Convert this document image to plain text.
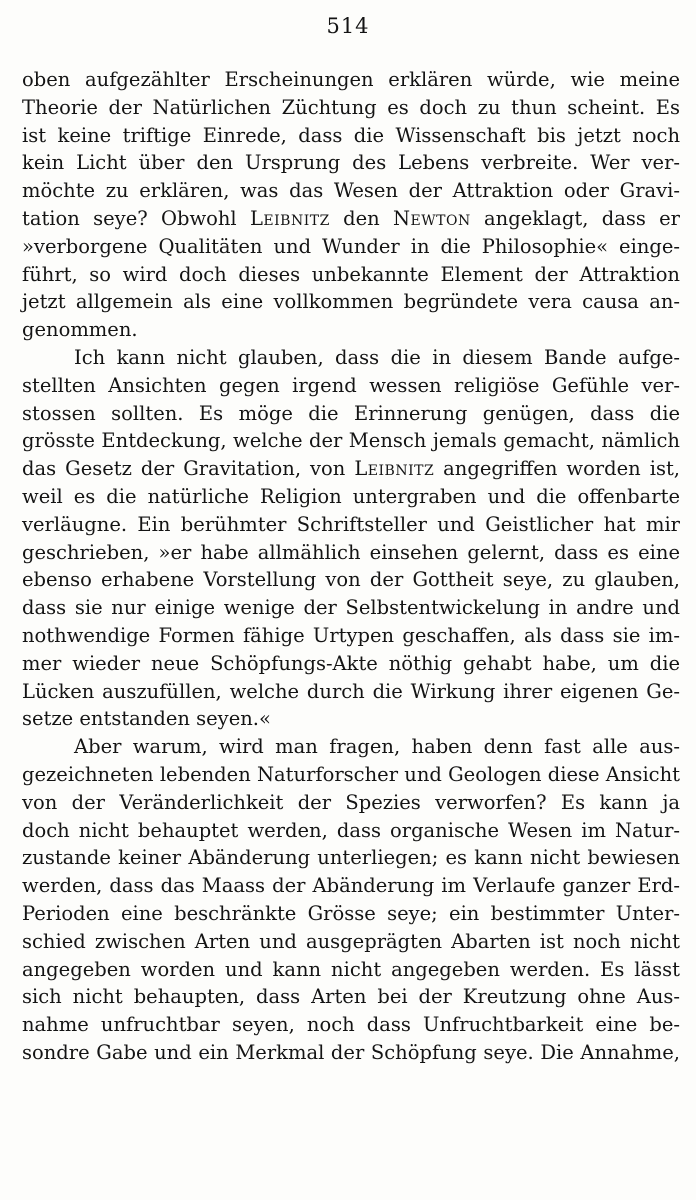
514
oben aufgezählter Erscheinungen erklären würde, wie meine
Theorie der Natürlichen Züchtung es doch zu thun scheint. Es
ist keine triftige Einrede, dass die Wissenschaft bis jetzt noch
kein Licht über den Ursprung des Lebens verbreite. Wer ver-
möchte zu erklären, was das Wesen der Attraktion oder Gravi-
tation seye? Obwohl Leibnitz den Newton angeklagt, dass er
»verborgene Qualitäten und Wunder in die Philosophie« einge-
führt, so wird doch dieses unbekannte Element der Attraktion
jetzt allgemein als eine vollkommen begründete vera causa an-
genommen.
Ich kann nicht glauben, dass die in diesem Bande aufge-
stellten Ansichten gegen irgend wessen religiöse Gefühle ver-
stossen sollten. Es möge die Erinnerung genügen, dass die
grösste Entdeckung, welche der Mensch jemals gemacht, nämlich
das Gesetz der Gravitation, von Leibnitz angegriffen worden ist,
weil es die natürliche Religion untergraben und die offenbarte
verläugne. Ein berühmter Schriftsteller und Geistlicher hat mir
geschrieben, »er habe allmählich einsehen gelernt, dass es eine
ebenso erhabene Vorstellung von der Gottheit seye, zu glauben,
dass sie nur einige wenige der Selbstentwickelung in andre und
nothwendige Formen fähige Urtypen geschaffen, als dass sie im-
mer wieder neue Schöpfungs-Akte nöthig gehabt habe, um die
Lücken auszufüllen, welche durch die Wirkung ihrer eigenen Ge-
setze entstanden seyen.«
Aber warum, wird man fragen, haben denn fast alle aus-
gezeichneten lebenden Naturforscher und Geologen diese Ansicht
von der Veränderlichkeit der Spezies verworfen? Es kann ja
doch nicht behauptet werden, dass organische Wesen im Natur-
zustande keiner Abänderung unterliegen; es kann nicht bewiesen
werden, dass das Maass der Abänderung im Verlaufe ganzer Erd-
Perioden eine beschränkte Grösse seye; ein bestimmter Unter-
schied zwischen Arten und ausgeprägten Abarten ist noch nicht
angegeben worden und kann nicht angegeben werden. Es lässt
sich nicht behaupten, dass Arten bei der Kreutzung ohne Aus-
nahme unfruchtbar seyen, noch dass Unfruchtbarkeit eine be-
sondre Gabe und ein Merkmal der Schöpfung seye. Die Annahme,
